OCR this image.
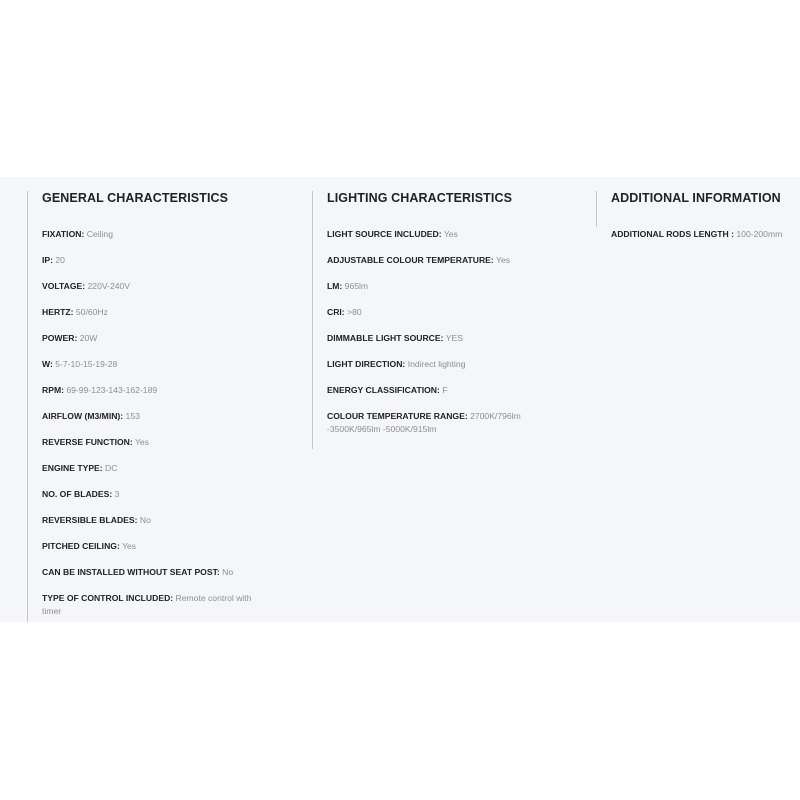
GENERAL CHARACTERISTICS
FIXATION: Ceiling
IP: 20
VOLTAGE: 220V-240V
HERTZ: 50/60Hz
POWER: 20W
W: 5-7-10-15-19-28
RPM: 69-99-123-143-162-189
AIRFLOW (M3/MIN): 153
REVERSE FUNCTION: Yes
ENGINE TYPE: DC
NO. OF BLADES: 3
REVERSIBLE BLADES: No
PITCHED CEILING: Yes
CAN BE INSTALLED WITHOUT SEAT POST: No
TYPE OF CONTROL INCLUDED: Remote control with timer
LIGHTING CHARACTERISTICS
LIGHT SOURCE INCLUDED: Yes
ADJUSTABLE COLOUR TEMPERATURE: Yes
LM: 965lm
CRI: >80
DIMMABLE LIGHT SOURCE: YES
LIGHT DIRECTION: Indirect lighting
ENERGY CLASSIFICATION: F
COLOUR TEMPERATURE RANGE: 2700K/796lm -3500K/965lm -5000K/915lm
ADDITIONAL INFORMATION
ADDITIONAL RODS LENGTH : 100-200mm
